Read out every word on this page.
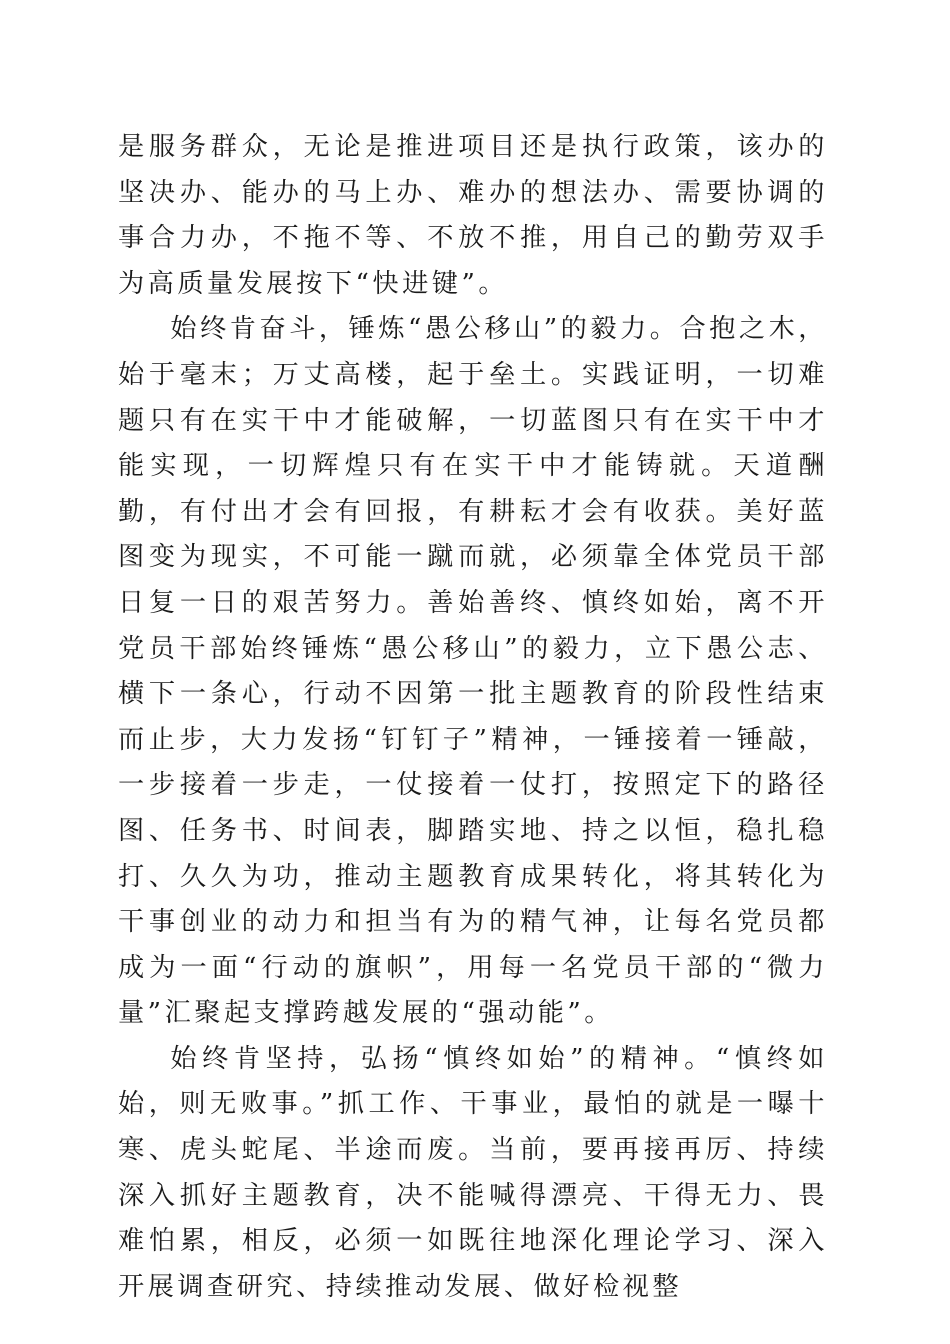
是服务群众，无论是推进项目还是执行政策，该办的坚决办、能办的马上办、难办的想法办、需要协调的事合力办，不拖不等、不放不推，用自己的勤劳双手为高质量发展按下“快进键”。

始终肯奋斗，锤炼“愚公移山”的毅力。合抱之木，始于毫末；万丈高楼，起于垒土。实践证明，一切难题只有在实干中才能破解，一切蓝图只有在实干中才能实现，一切辉煌只有在实干中才能铸就。天道酬勤，有付出才会有回报，有耕耘才会有收获。美好蓝图变为现实，不可能一蹴而就，必须靠全体党员干部日复一日的艰苦努力。善始善终、慎终如始，离不开党员干部始终锤炼“愚公移山”的毅力，立下愚公志、横下一条心，行动不因第一批主题教育的阶段性结束而止步，大力发扬“钉钉子”精神，一锤接着一锤敲，一步接着一步走，一仗接着一仗打，按照定下的路径图、任务书、时间表，脚踏实地、持之以恒，稳扎稳打、久久为功，推动主题教育成果转化，将其转化为干事创业的动力和担当有为的精气神，让每名党员都成为一面“行动的旗帜”，用每一名党员干部的“微力量”汇聚起支撑跨越发展的“强动能”。

始终肯坚持，弘扬“慎终如始”的精神。“慎终如始，则无败事。”抓工作、干事业，最怕的就是一曝十寒、虎头蛇尾、半途而废。当前，要再接再厉、持续深入抓好主题教育，决不能喊得漂亮、干得无力、畏难怕累，相反，必须一如既往地深化理论学习、深入开展调查研究、持续推动发展、做好检视整
